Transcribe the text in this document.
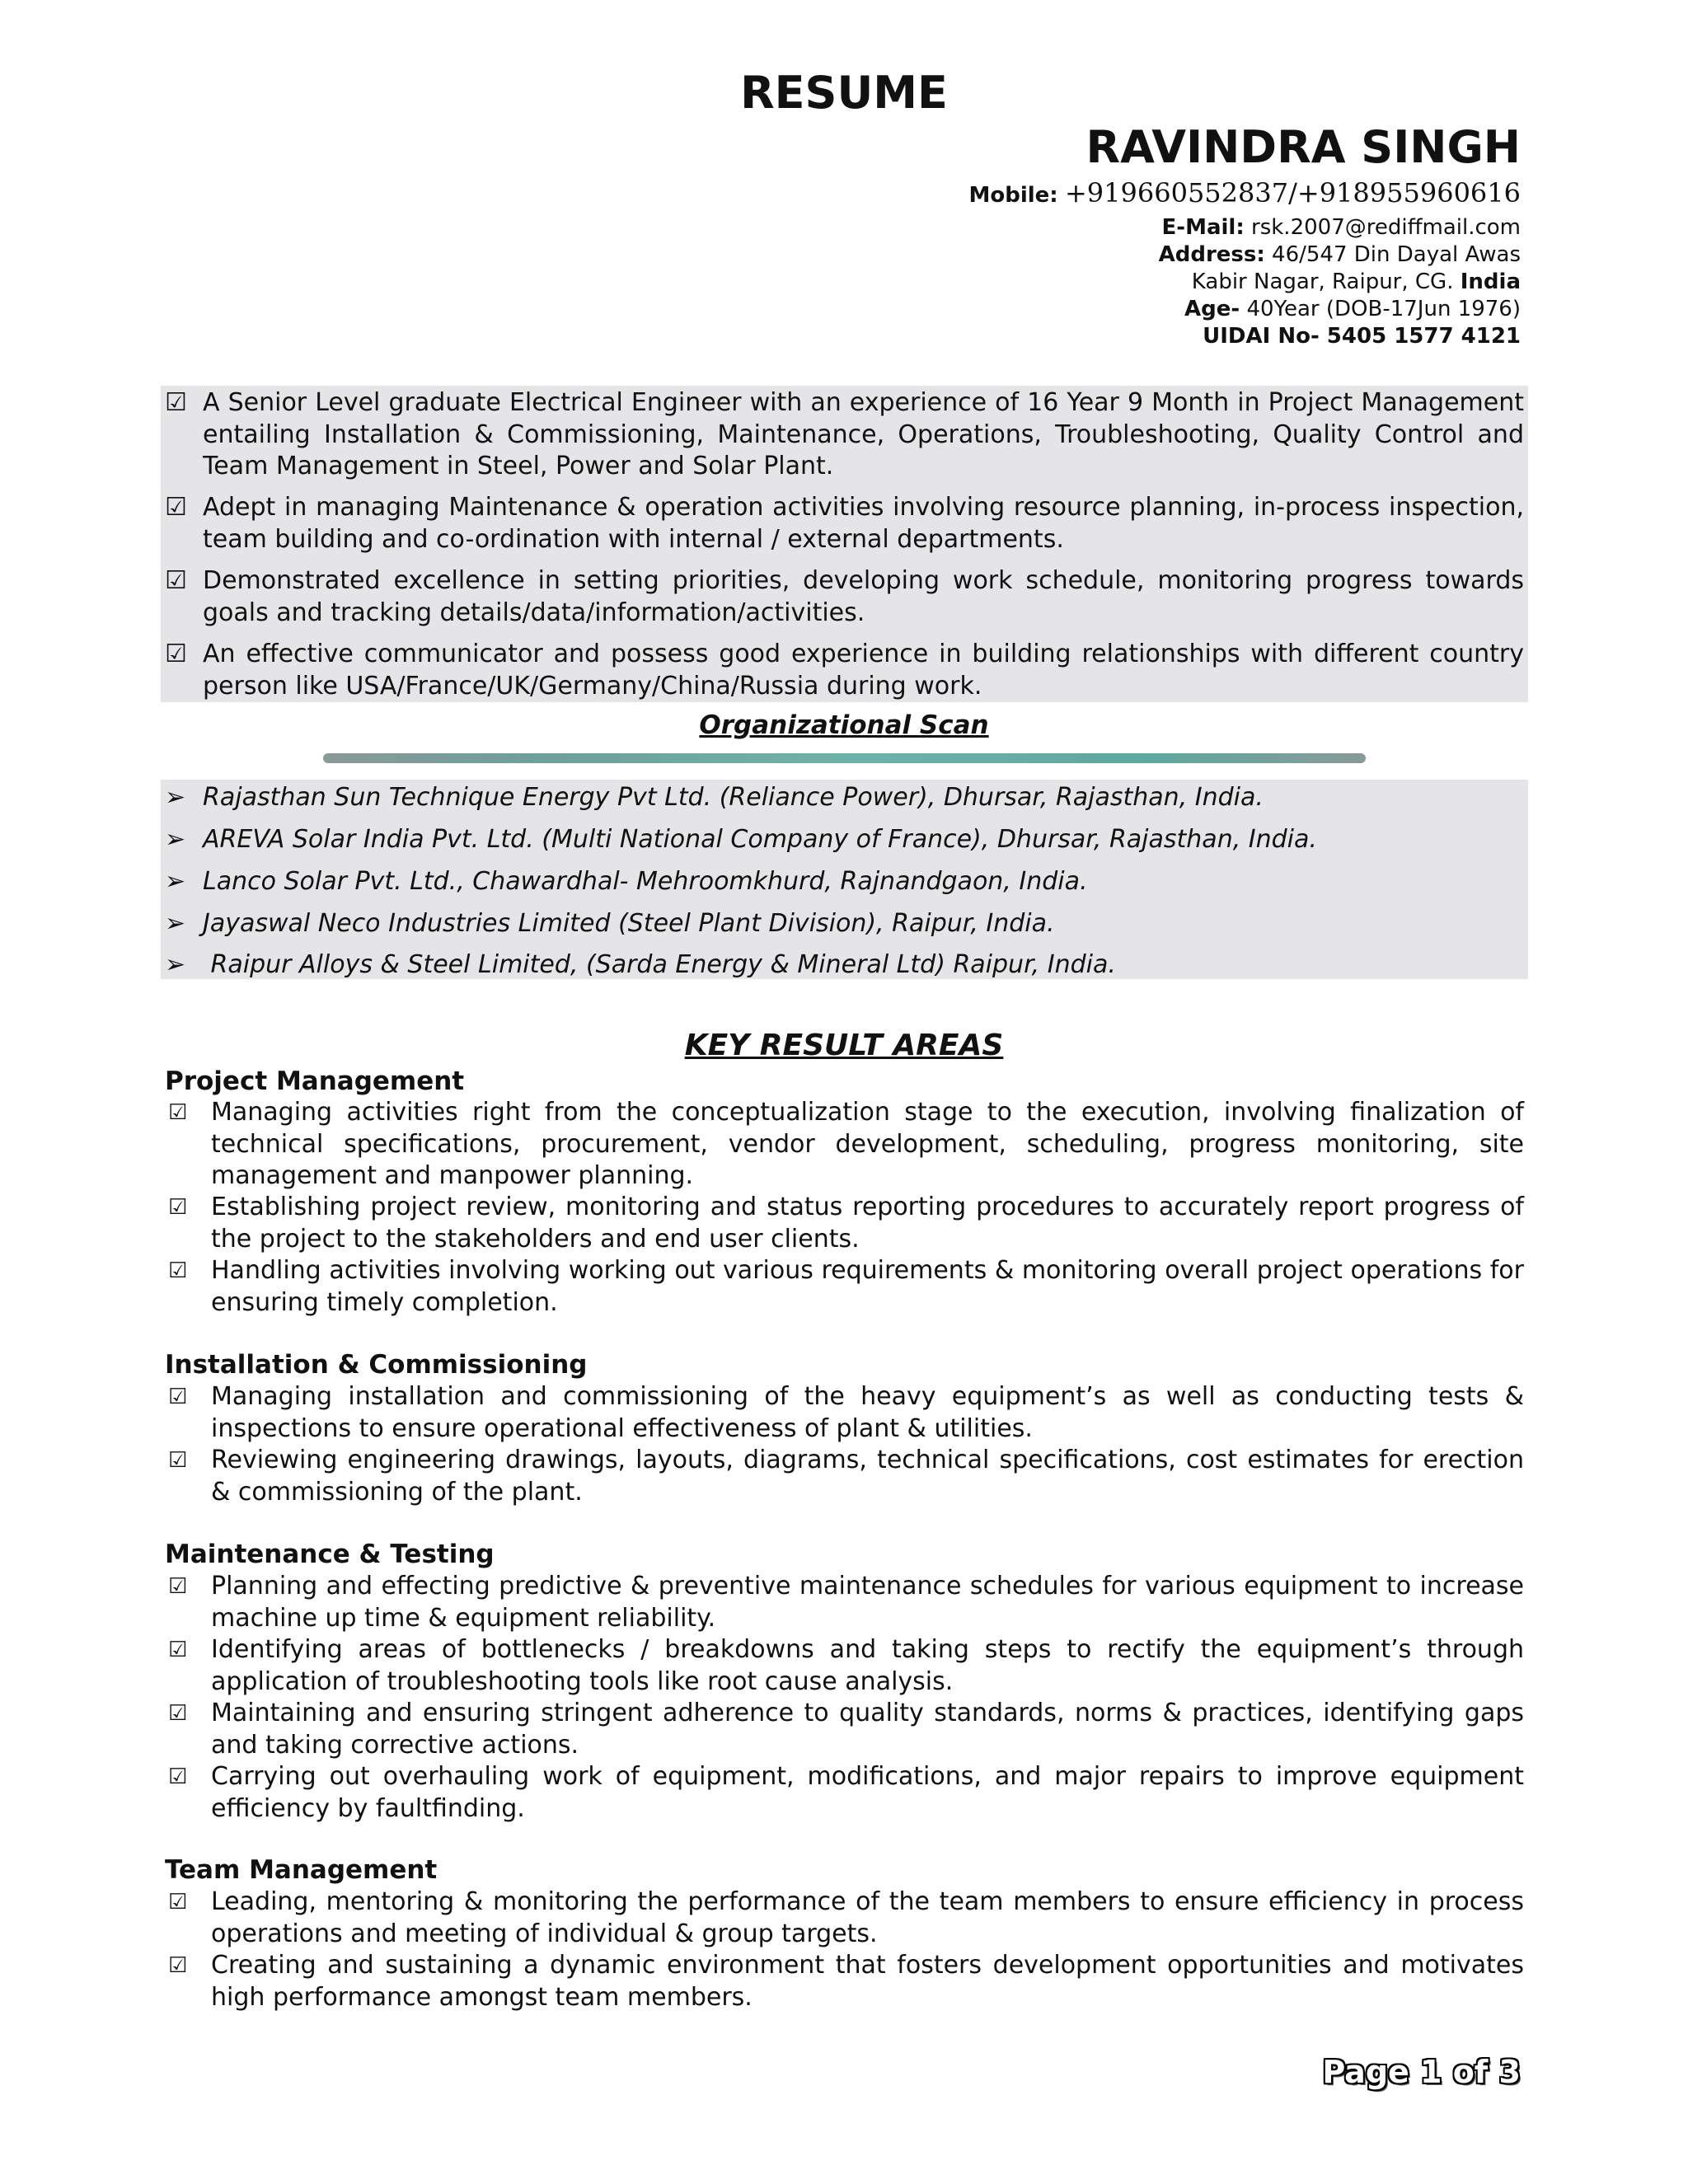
RESUME
RAVINDRA SINGH
Mobile: +919660552837/+918955960616
E-Mail: rsk.2007@rediffmail.com
Address: 46/547 Din Dayal Awas
Kabir Nagar, Raipur, CG. India
Age- 40Year (DOB-17Jun 1976)
UIDAI No- 5405 1577 4121
☑ A Senior Level graduate Electrical Engineer with an experience of 16 Year 9 Month in Project Management entailing Installation & Commissioning, Maintenance, Operations, Troubleshooting, Quality Control and Team Management in Steel, Power and Solar Plant.
☑ Adept in managing Maintenance & operation activities involving resource planning, in-process inspection, team building and co-ordination with internal / external departments.
☑ Demonstrated excellence in setting priorities, developing work schedule, monitoring progress towards goals and tracking details/data/information/activities.
☑ An effective communicator and possess good experience in building relationships with different country person like USA/France/UK/Germany/China/Russia during work.
Organizational Scan
➢ Rajasthan Sun Technique Energy Pvt Ltd. (Reliance Power), Dhursar, Rajasthan, India.
➢ AREVA Solar India Pvt. Ltd. (Multi National Company of France), Dhursar, Rajasthan, India.
➢ Lanco Solar Pvt. Ltd., Chawardhal- Mehroomkhurd, Rajnandgaon, India.
➢ Jayaswal Neco Industries Limited (Steel Plant Division), Raipur, India.
➢ Raipur Alloys & Steel Limited, (Sarda Energy & Mineral Ltd) Raipur, India.
KEY RESULT AREAS
Project Management
☑ Managing activities right from the conceptualization stage to the execution, involving finalization of technical specifications, procurement, vendor development, scheduling, progress monitoring, site management and manpower planning.
☑ Establishing project review, monitoring and status reporting procedures to accurately report progress of the project to the stakeholders and end user clients.
☑ Handling activities involving working out various requirements & monitoring overall project operations for ensuring timely completion.
Installation & Commissioning
☑ Managing installation and commissioning of the heavy equipment’s as well as conducting tests & inspections to ensure operational effectiveness of plant & utilities.
☑ Reviewing engineering drawings, layouts, diagrams, technical specifications, cost estimates for erection & commissioning of the plant.
Maintenance & Testing
☑ Planning and effecting predictive & preventive maintenance schedules for various equipment to increase machine up time & equipment reliability.
☑ Identifying areas of bottlenecks / breakdowns and taking steps to rectify the equipment’s through application of troubleshooting tools like root cause analysis.
☑ Maintaining and ensuring stringent adherence to quality standards, norms & practices, identifying gaps and taking corrective actions.
☑ Carrying out overhauling work of equipment, modifications, and major repairs to improve equipment efficiency by faultfinding.
Team Management
☑ Leading, mentoring & monitoring the performance of the team members to ensure efficiency in process operations and meeting of individual & group targets.
☑ Creating and sustaining a dynamic environment that fosters development opportunities and motivates high performance amongst team members.
Page 1 of 3
